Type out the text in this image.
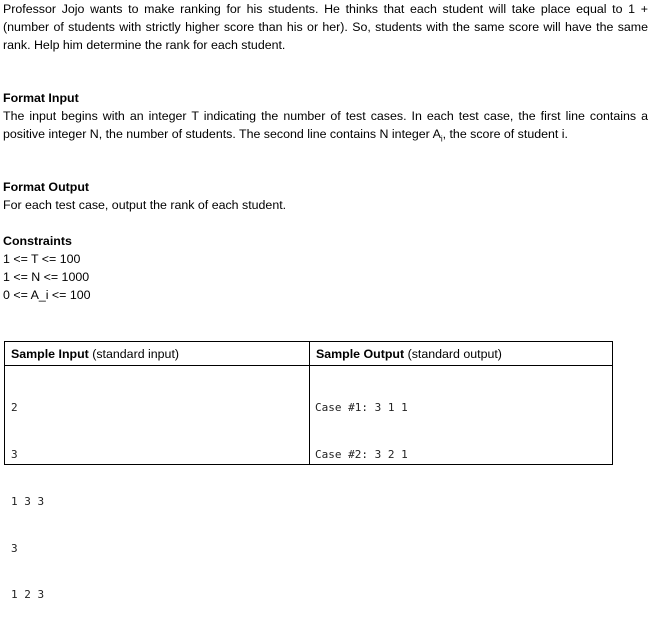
Professor Jojo wants to make ranking for his students. He thinks that each student will take place equal to 1 + (number of students with strictly higher score than his or her). So, students with the same score will have the same rank. Help him determine the rank for each student.

Format Input

The input begins with an integer T indicating the number of test cases. In each test case, the first line contains a positive integer N, the number of students. The second line contains N integer $A_i$, the score of student i.

Format Output

For each test case, output the rank of each student.

Constraints

1 <= T <= 100

1 <= N <= 1000

0 <= A_i <= 100

Sample Input (standard input)	Sample Output (standard output)

2

3

1 3 3

3

1 2 3

Case #1: 3 1 1

Case #2: 3 2 1
